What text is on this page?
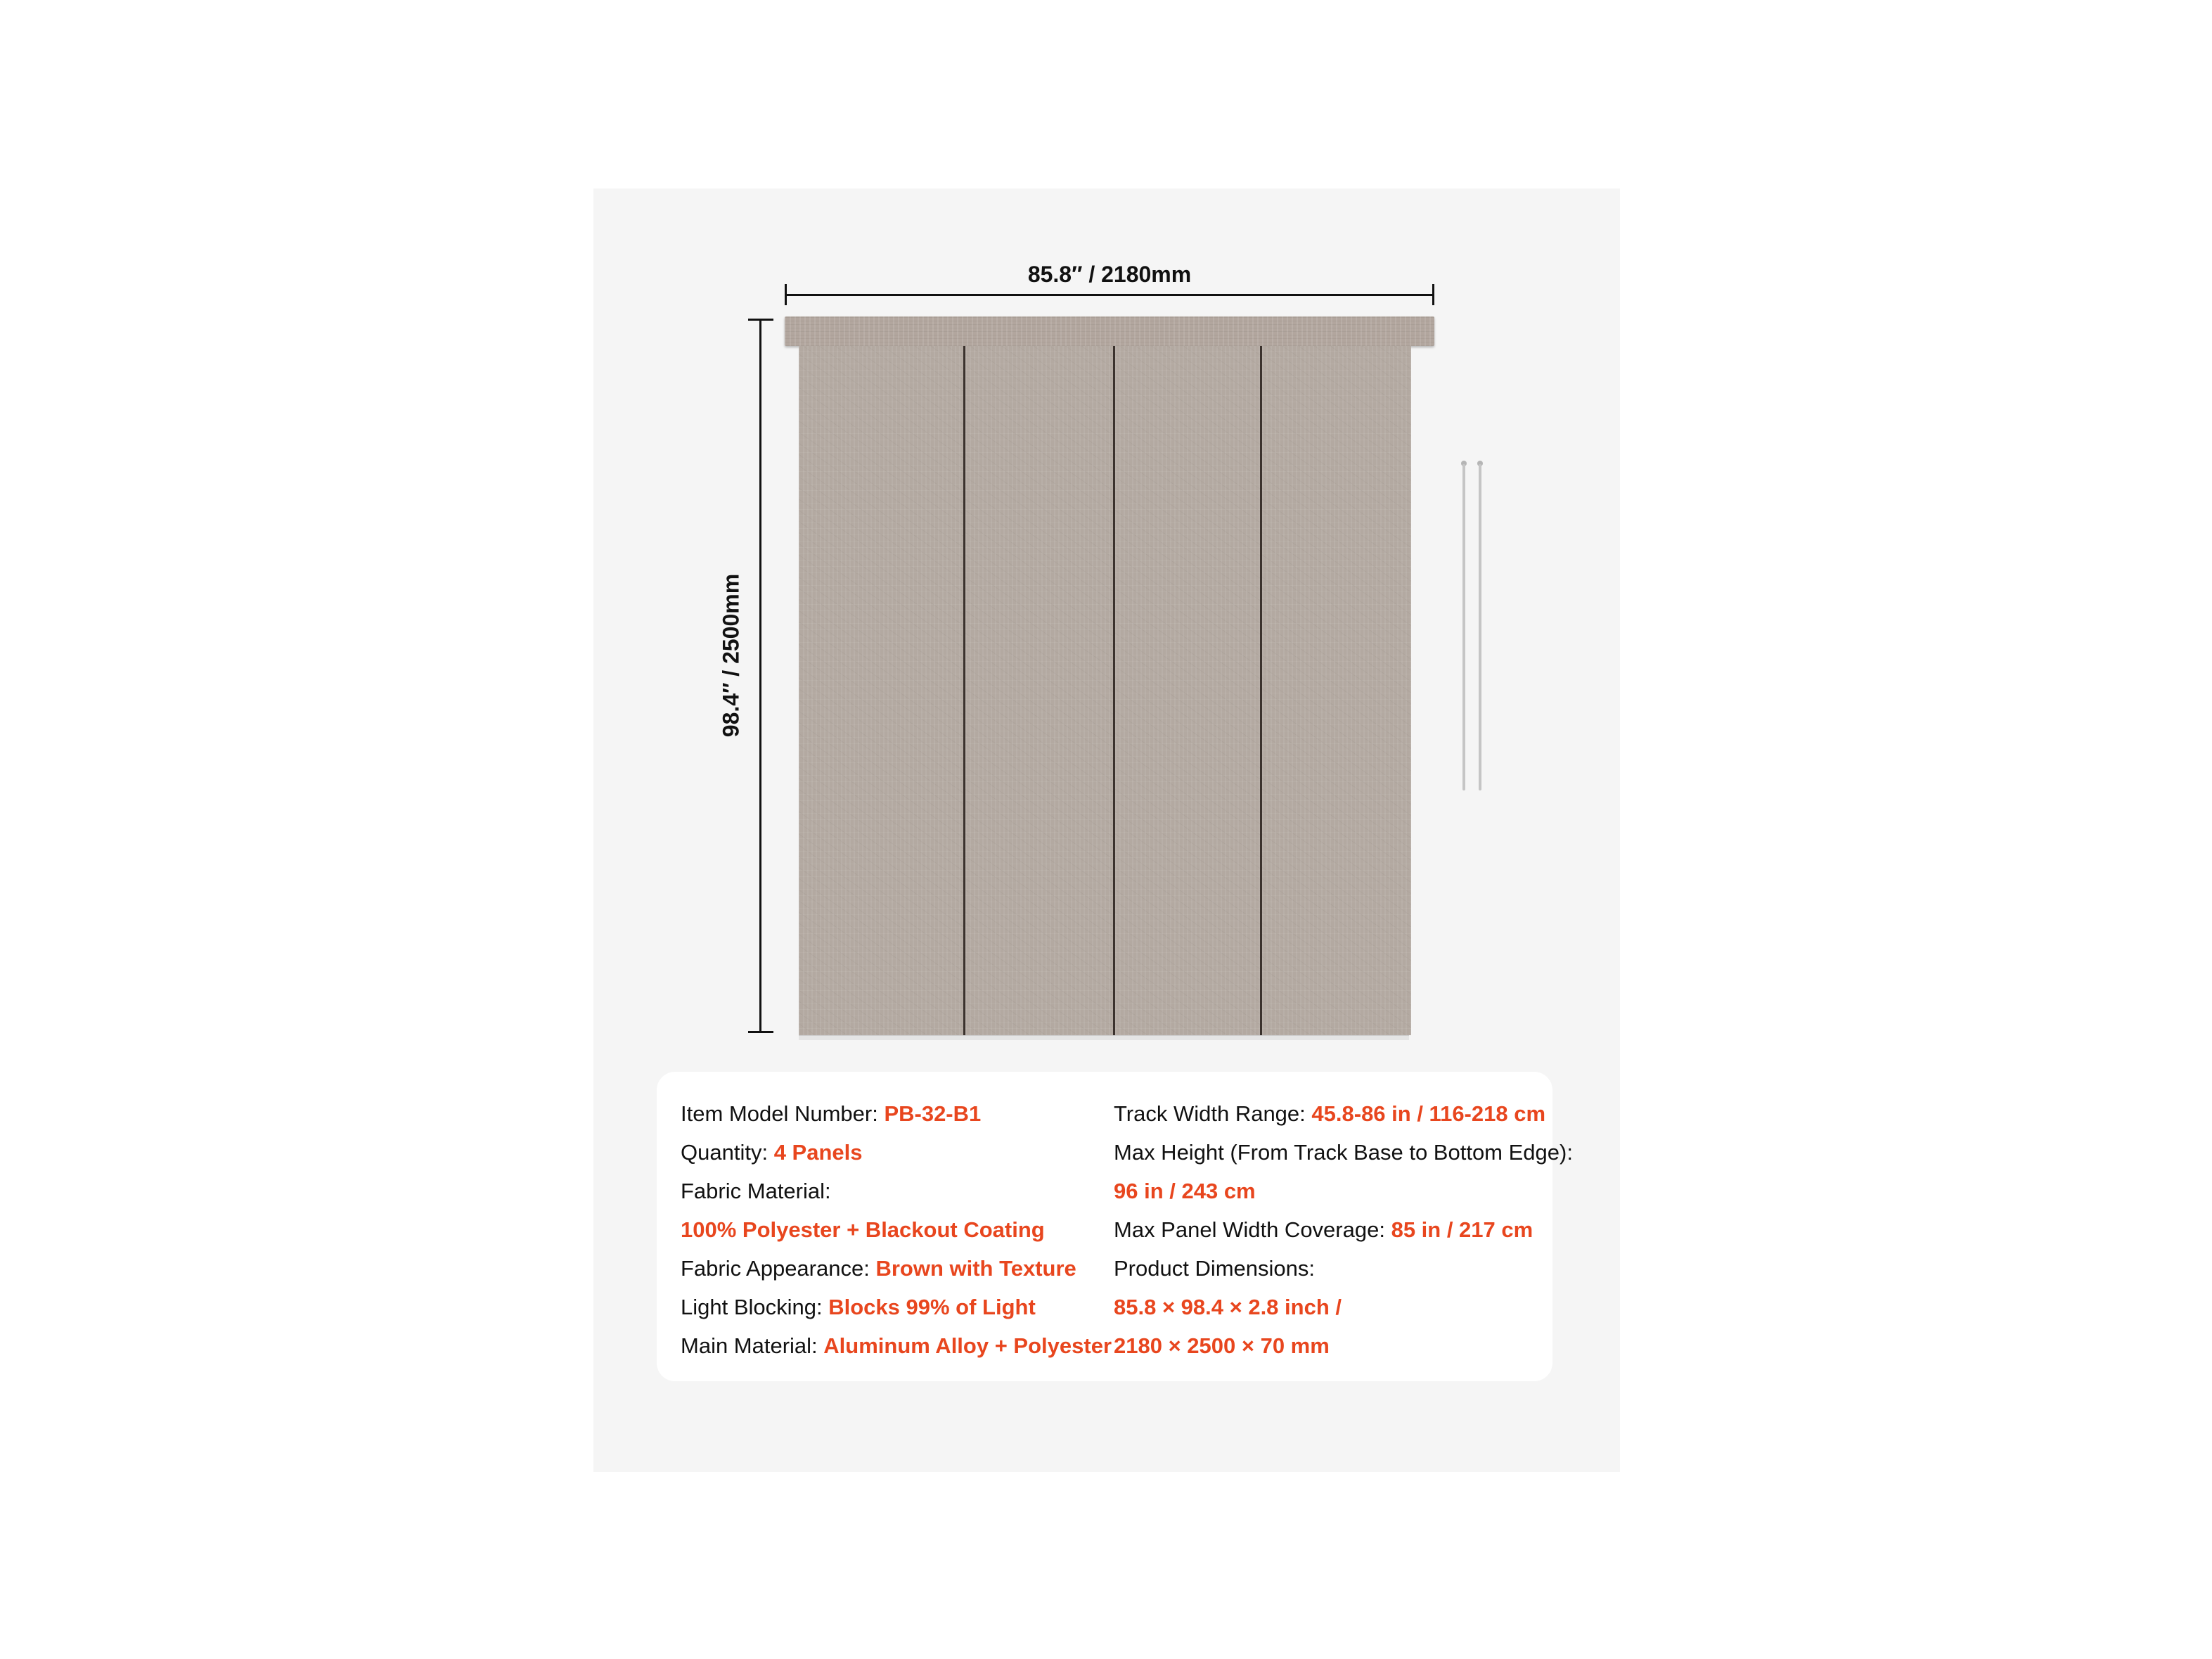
85.8″ / 2180mm
98.4″ / 2500mm
Item Model Number: PB-32-B1
Quantity: 4 Panels
Fabric Material:
100% Polyester + Blackout Coating
Fabric Appearance: Brown with Texture
Light Blocking: Blocks 99% of Light
Main Material: Aluminum Alloy + Polyester
Track Width Range: 45.8-86 in / 116-218 cm
Max Height (From Track Base to Bottom Edge):
96 in / 243 cm
Max Panel Width Coverage: 85 in / 217 cm
Product Dimensions:
85.8 × 98.4 × 2.8 inch /
2180 × 2500 × 70 mm
